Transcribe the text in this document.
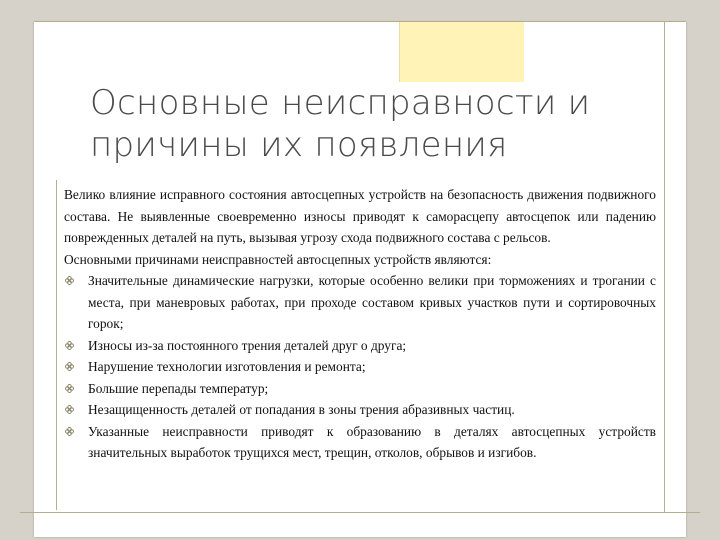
Основные неисправности и
причины их появления

Велико влияние исправного состояния автосцепных устройств на безопасность движения подвижного состава. Не выявленные своевременно износы приводят к саморасцепу автосцепок или падению поврежденных деталей на путь, вызывая угрозу схода подвижного состава с рельсов.

Основными причинами неисправностей автосцепных устройств являются:

Значительные динамические нагрузки, которые особенно велики при торможениях и трогании с места, при маневровых работах, при проходе составом кривых участков пути и сортировочных горок;
Износы из-за постоянного трения деталей друг о друга;
Нарушение технологии изготовления и ремонта;
Большие перепады температур;
Незащищенность деталей от попадания в зоны трения абразивных частиц.
Указанные неисправности приводят к образованию в деталях автосцепных устройств значительных выработок трущихся мест, трещин, отколов, обрывов и изгибов.
